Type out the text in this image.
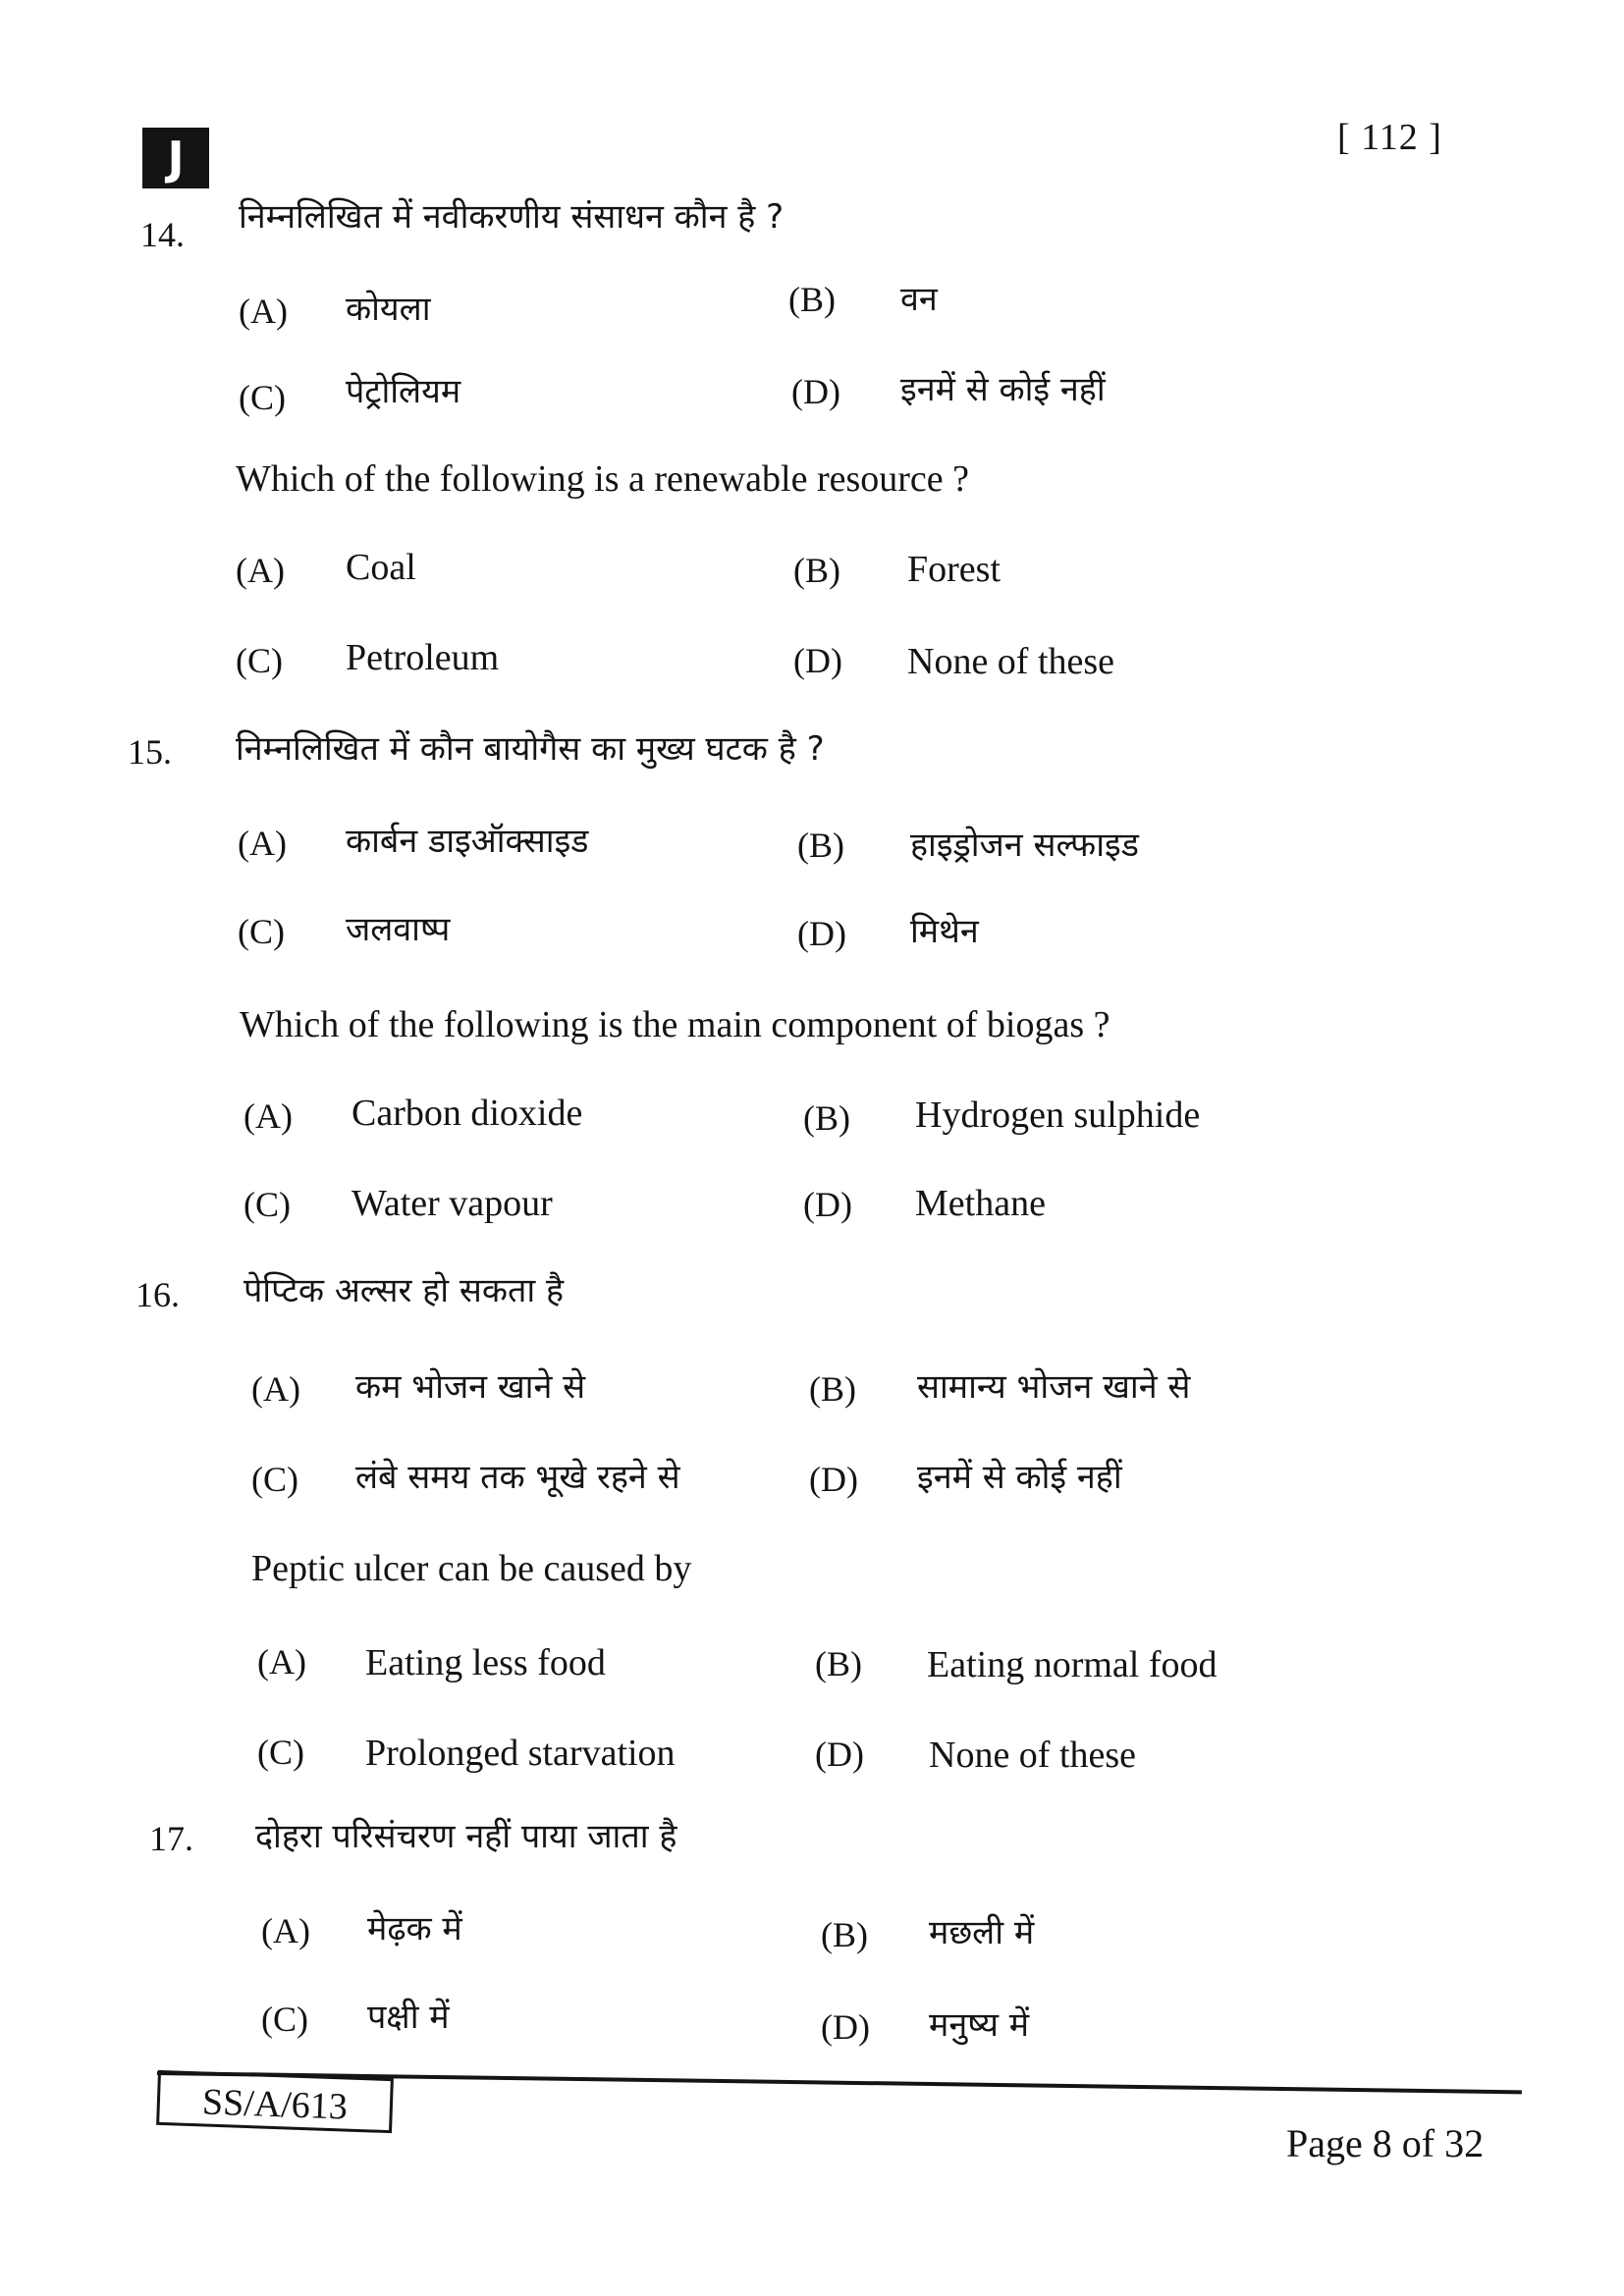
J	[ 112 ]
14. निम्नलिखित में नवीकरणीय संसाधन कौन है ?
(A) कोयला	(B) वन
(C) पेट्रोलियम	(D) इनमें से कोई नहीं
Which of the following is a renewable resource ?
(A) Coal	(B) Forest
(C) Petroleum	(D) None of these
15. निम्नलिखित में कौन बायोगैस का मुख्य घटक है ?
(A) कार्बन डाइऑक्साइड	(B) हाइड्रोजन सल्फाइड
(C) जलवाष्प	(D) मिथेन
Which of the following is the main component of biogas ?
(A) Carbon dioxide	(B) Hydrogen sulphide
(C) Water vapour	(D) Methane
16. पेप्टिक अल्सर हो सकता है
(A) कम भोजन खाने से	(B) सामान्य भोजन खाने से
(C) लंबे समय तक भूखे रहने से	(D) इनमें से कोई नहीं
Peptic ulcer can be caused by
(A) Eating less food	(B) Eating normal food
(C) Prolonged starvation	(D) None of these
17. दोहरा परिसंचरण नहीं पाया जाता है
(A) मेढ़क में	(B) मछली में
(C) पक्षी में	(D) मनुष्य में
SS/A/613
Page 8 of 32
